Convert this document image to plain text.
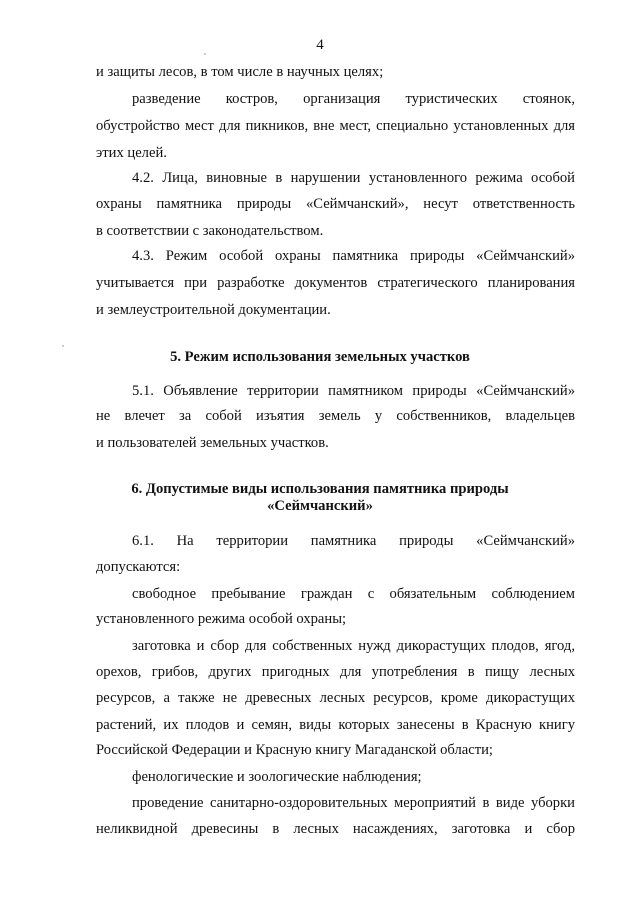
4
и защиты лесов, в том числе в научных целях;
разведение костров, организация туристических стоянок,
обустройство мест для пикников, вне мест, специально установленных для
этих целей.
4.2. Лица, виновные в нарушении установленного режима особой
охраны памятника природы «Сеймчанский», несут ответственность
в соответствии с законодательством.
4.3. Режим особой охраны памятника природы «Сеймчанский»
учитывается при разработке документов стратегического планирования
и землеустроительной документации.
5. Режим использования земельных участков
5.1. Объявление территории памятником природы «Сеймчанский»
не влечет за собой изъятия земель у собственников, владельцев
и пользователей земельных участков.
6. Допустимые виды использования памятника природы
«Сеймчанский»
6.1. На территории памятника природы «Сеймчанский»
допускаются:
свободное пребывание граждан с обязательным соблюдением
установленного режима особой охраны;
заготовка и сбор для собственных нужд дикорастущих плодов, ягод,
орехов, грибов, других пригодных для употребления в пищу лесных
ресурсов, а также не древесных лесных ресурсов, кроме дикорастущих
растений, их плодов и семян, виды которых занесены в Красную книгу
Российской Федерации и Красную книгу Магаданской области;
фенологические и зоологические наблюдения;
проведение санитарно-оздоровительных мероприятий в виде уборки
неликвидной древесины в лесных насаждениях, заготовка и сбор
